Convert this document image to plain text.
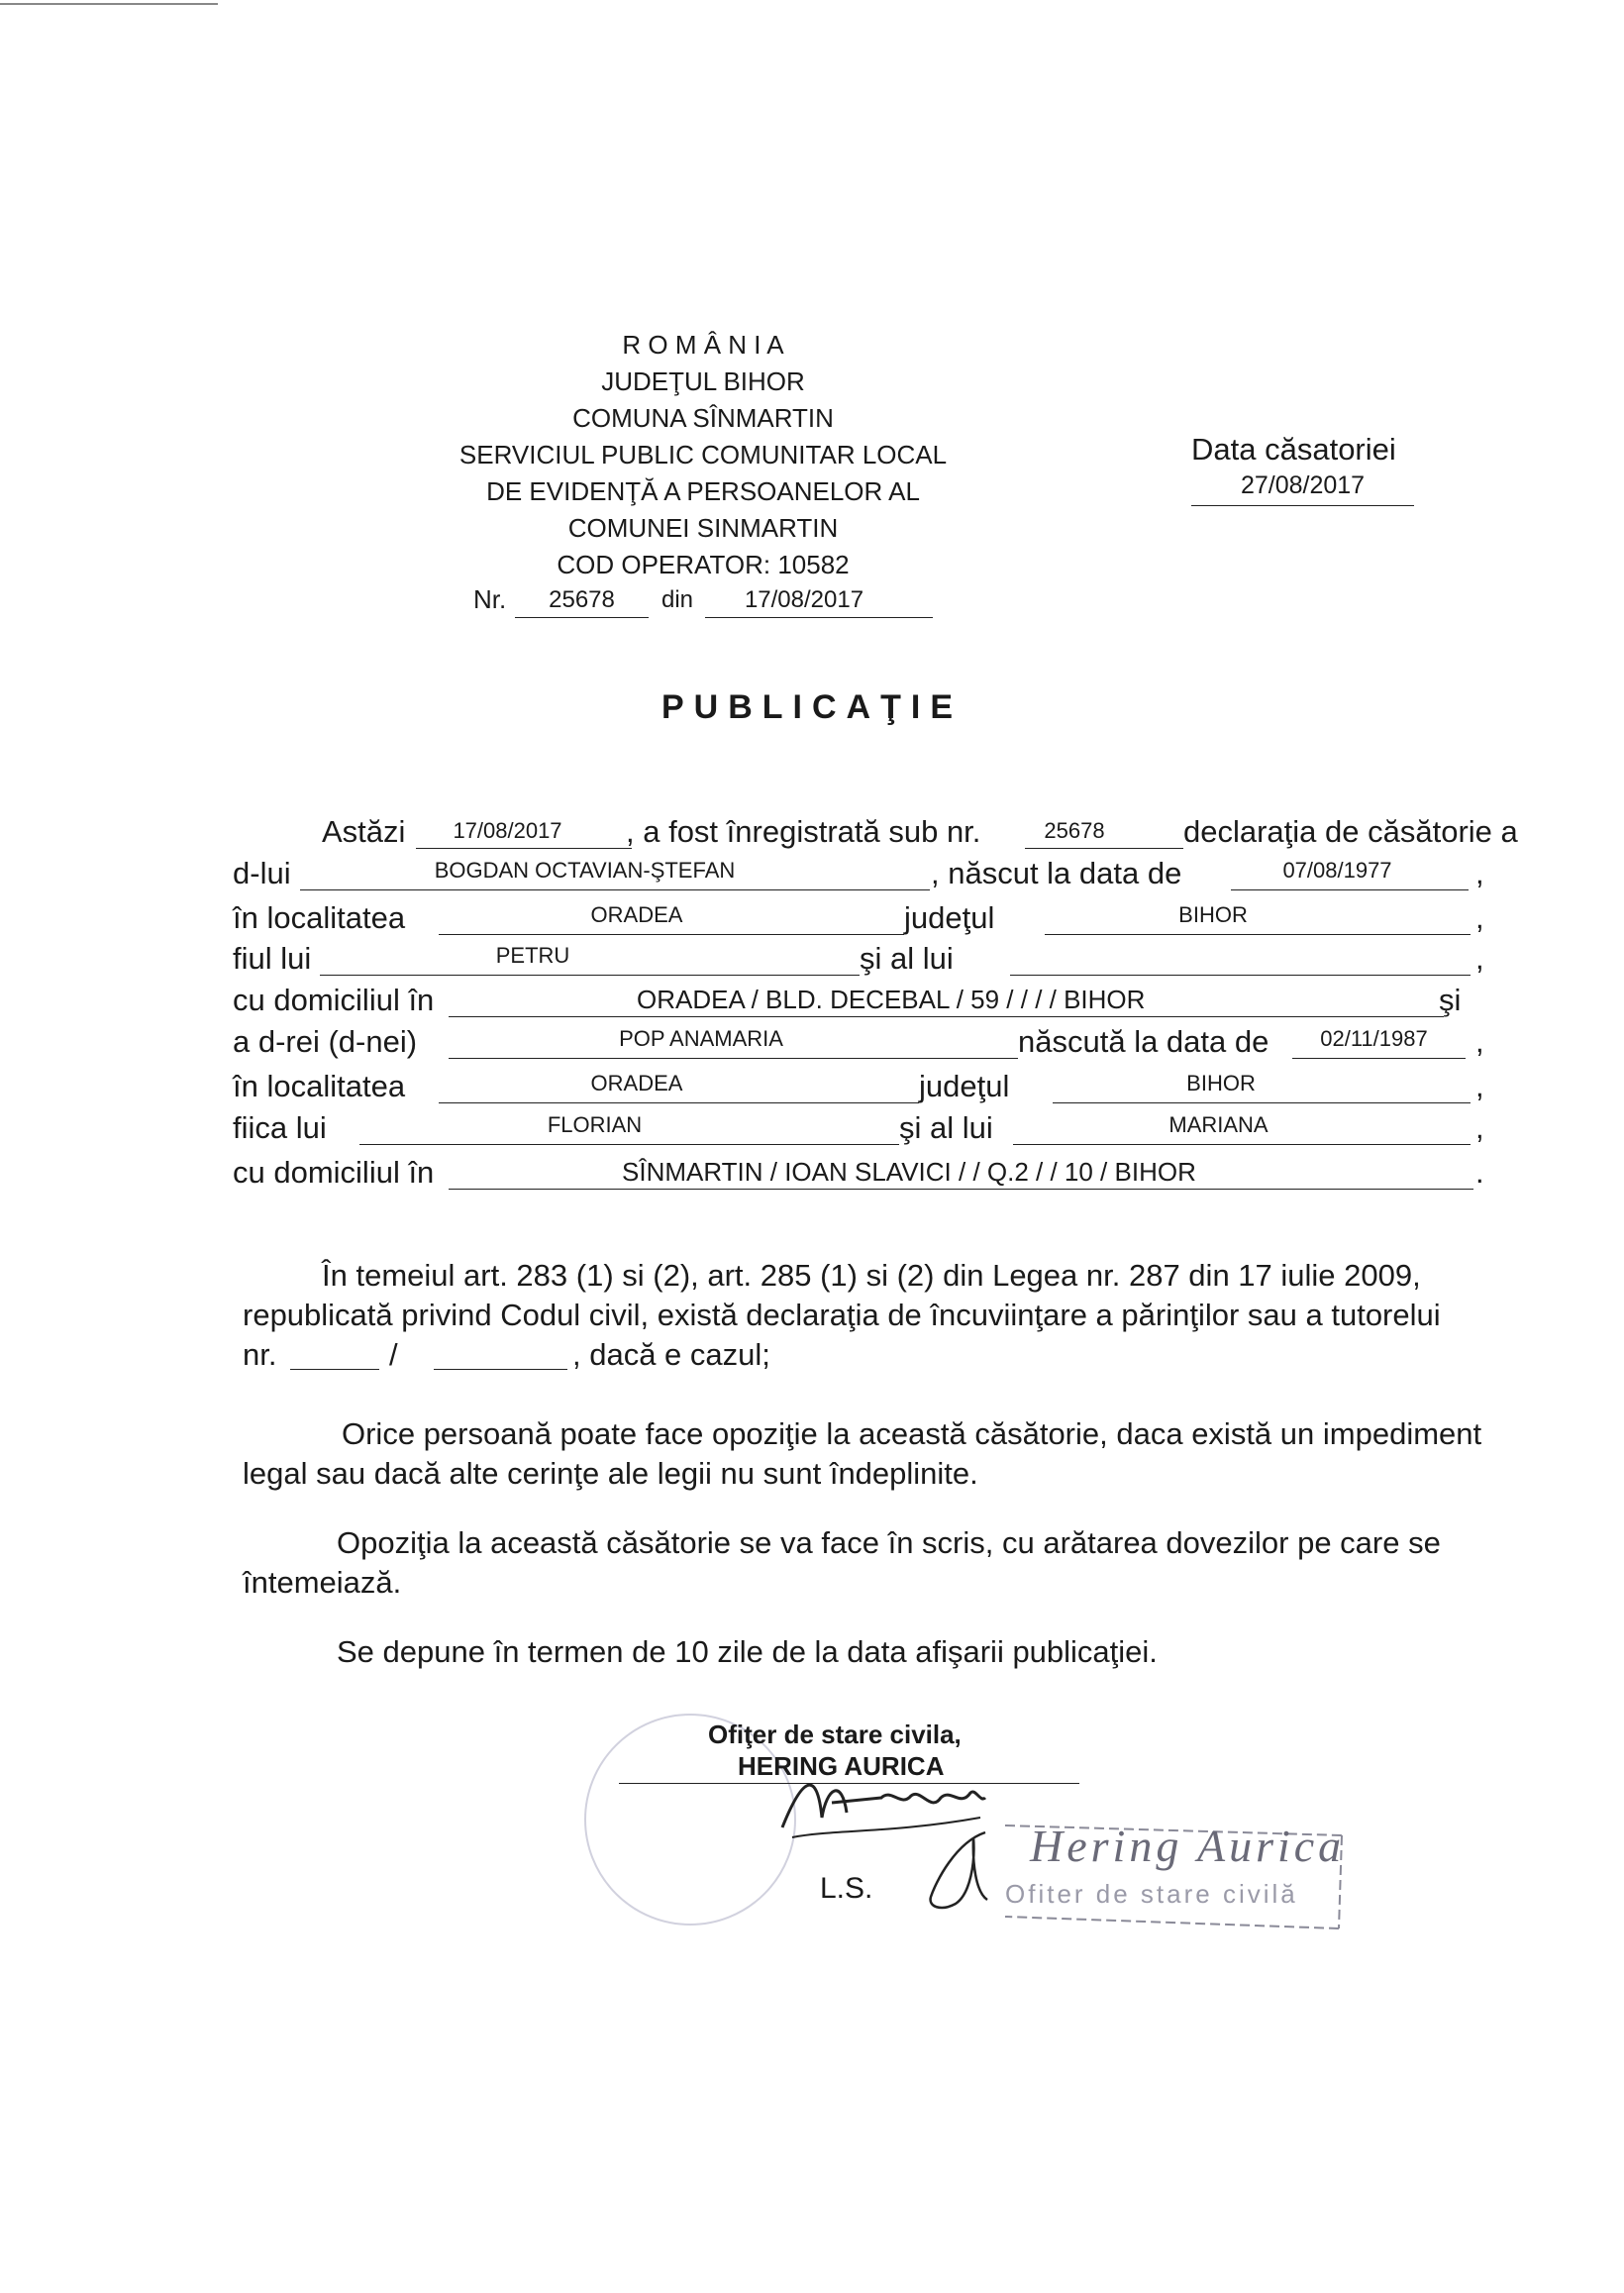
R O M Â N I A
JUDEŢUL BIHOR
COMUNA SÎNMARTIN
SERVICIUL PUBLIC COMUNITAR LOCAL
DE EVIDENŢĂ A PERSOANELOR AL
COMUNEI SINMARTIN
COD OPERATOR: 10582
Nr.	25678	din	17/08/2017
Data căsatoriei
27/08/2017
PUBLICAŢIE
Astăzi	17/08/2017	, a fost înregistrată sub nr.	25678	declaraţia de căsătorie a
d-lui	BOGDAN OCTAVIAN-ŞTEFAN	, născut la data de	07/08/1977	,
în localitatea	ORADEA	judeţul	BIHOR	,
fiul lui	PETRU	şi al lui	,
cu domiciliul în	ORADEA / BLD. DECEBAL / 59 / / / / BIHOR	şi
a d-rei (d-nei)	POP ANAMARIA	născută la data de	02/11/1987	,
în localitatea	ORADEA	judeţul	BIHOR	,
fiica lui	FLORIAN	şi al lui	MARIANA	,
cu domiciliul în	SÎNMARTIN / IOAN SLAVICI / / Q.2 / / 10 / BIHOR	.
În temeiul art. 283 (1) si (2), art. 285 (1) si (2) din Legea nr. 287 din 17 iulie 2009,
republicată privind Codul civil, există declaraţia de încuviinţare a părinţilor sau a tutorelui
nr.	/	, dacă e cazul;
Orice persoană poate face opoziţie la această căsătorie, daca există un impediment
legal sau dacă alte cerinţe ale legii nu sunt îndeplinite.
Opoziţia la această căsătorie se va face în scris, cu arătarea dovezilor pe care se
întemeiază.
Se depune în termen de 10 zile de la data afişarii publicaţiei.
Ofiţer de stare civila,
HERING AURICA
L.S.
Hering Aurica
Ofiter de stare civilă
